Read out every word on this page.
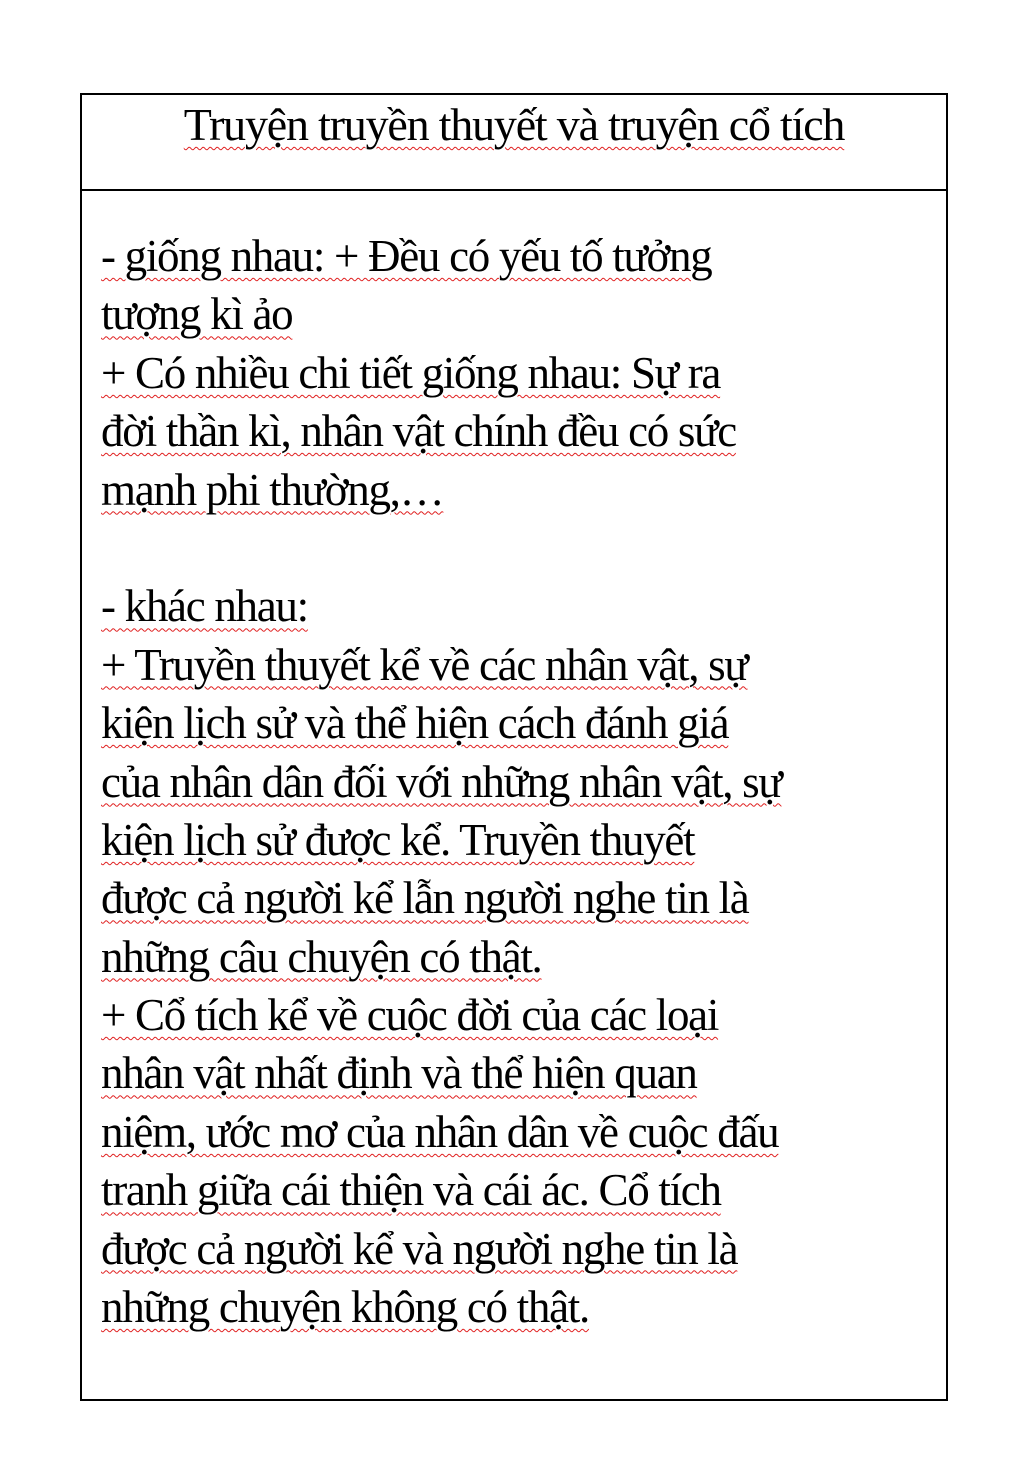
Truyện truyền thuyết và truyện cổ tích
- giống nhau: + Đều có yếu tố tưởng
tượng kì ảo
+ Có nhiều chi tiết giống nhau: Sự ra
đời thần kì, nhân vật chính đều có sức
mạnh phi thường,…
- khác nhau:
+ Truyền thuyết kể về các nhân vật, sự
kiện lịch sử và thể hiện cách đánh giá
của nhân dân đối với những nhân vật, sự
kiện lịch sử được kể. Truyền thuyết
được cả người kể lẫn người nghe tin là
những câu chuyện có thật.
+ Cổ tích kể về cuộc đời của các loại
nhân vật nhất định và thể hiện quan
niệm, ước mơ của nhân dân về cuộc đấu
tranh giữa cái thiện và cái ác. Cổ tích
được cả người kể và người nghe tin là
những chuyện không có thật.
